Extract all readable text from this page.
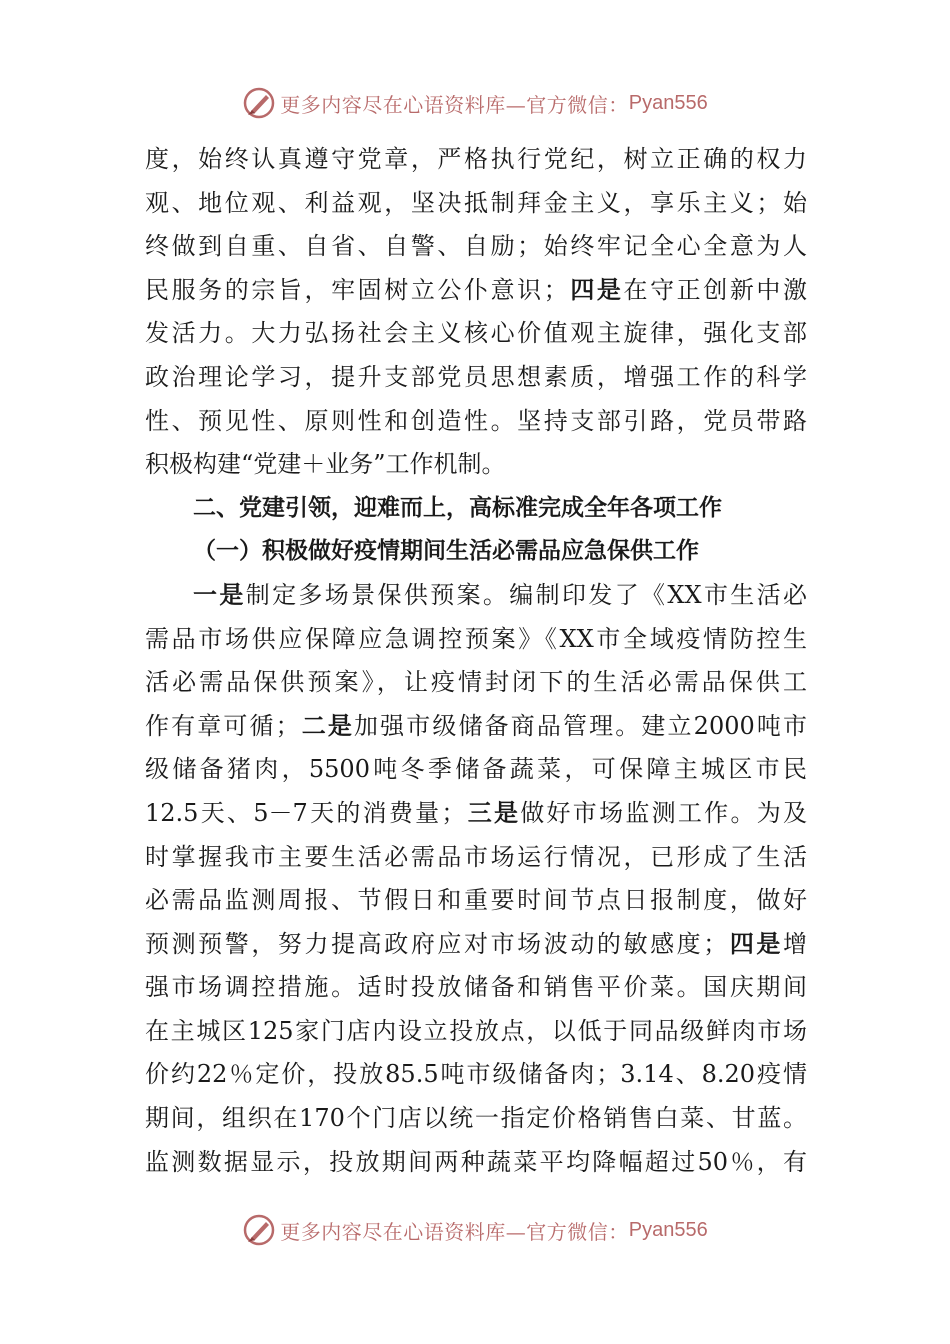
更多内容尽在心语资料库—官方微信： Pyan556
度，始终认真遵守党章，严格执行党纪，树立正确的权力
观、地位观、利益观，坚决抵制拜金主义，享乐主义；始
终做到自重、自省、自警、自励；始终牢记全心全意为人
民服务的宗旨，牢固树立公仆意识；四是在守正创新中激
发活力。大力弘扬社会主义核心价值观主旋律，强化支部
政治理论学习，提升支部党员思想素质，增强工作的科学
性、预见性、原则性和创造性。坚持支部引路，党员带路
积极构建“党建＋业务”工作机制。
二、党建引领，迎难而上，高标准完成全年各项工作
（一）积极做好疫情期间生活必需品应急保供工作
一是制定多场景保供预案。编制印发了《XX市生活必
需品市场供应保障应急调控预案》《XX市全域疫情防控生
活必需品保供预案》，让疫情封闭下的生活必需品保供工
作有章可循；二是加强市级储备商品管理。建立2000吨市
级储备猪肉，5500吨冬季储备蔬菜，可保障主城区市民
12.5天、5－7天的消费量；三是做好市场监测工作。为及
时掌握我市主要生活必需品市场运行情况，已形成了生活
必需品监测周报、节假日和重要时间节点日报制度，做好
预测预警，努力提高政府应对市场波动的敏感度；四是增
强市场调控措施。适时投放储备和销售平价菜。国庆期间
在主城区125家门店内设立投放点，以低于同品级鲜肉市场
价约22％定价，投放85.5吨市级储备肉；3.14、8.20疫情
期间，组织在170个门店以统一指定价格销售白菜、甘蓝。
监测数据显示，投放期间两种蔬菜平均降幅超过50％，有
更多内容尽在心语资料库—官方微信： Pyan556
